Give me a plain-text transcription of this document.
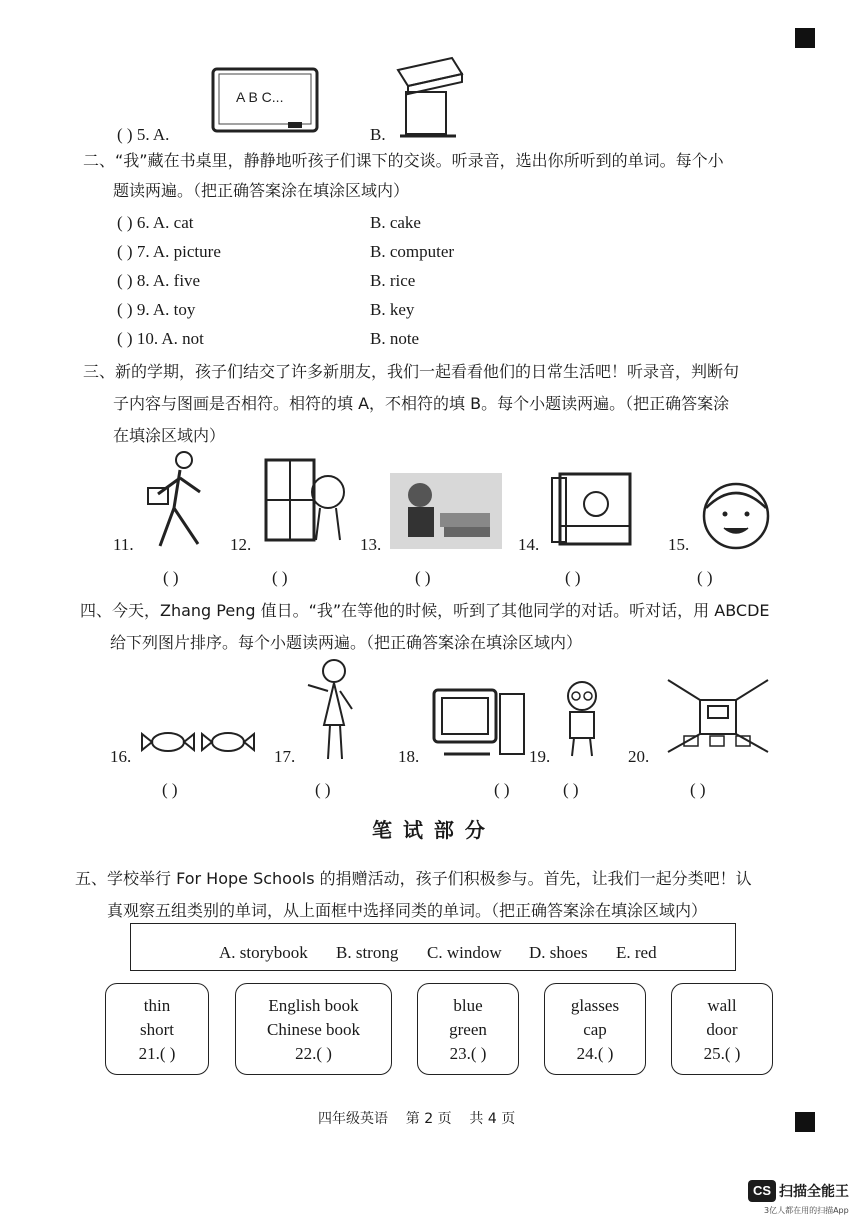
A B C...
( ) 5. A.	B.
二、“我”藏在书桌里，静静地听孩子们课下的交谈。听录音，选出你所听到的单词。每个小
题读两遍。（把正确答案涂在填涂区域内）
( ) 6. A. cat	B. cake
( ) 7. A. picture	B. computer
( ) 8. A. five	B. rice
( ) 9. A. toy	B. key
( ) 10. A. not	B. note
三、新的学期，孩子们结交了许多新朋友，我们一起看看他们的日常生活吧！听录音，判断句
子内容与图画是否相符。相符的填 A，不相符的填 B。每个小题读两遍。（把正确答案涂
在填涂区域内）
11.	12.	13.	14.	15.
( )	( )	( )	( )	( )
四、今天，Zhang Peng 值日。“我”在等他的时候，听到了其他同学的对话。听对话，用 ABCDE
给下列图片排序。每个小题读两遍。（把正确答案涂在填涂区域内）
16.	17.	18.	19.	20.
( )	( )	( )	( )	( )
笔 试 部 分
五、学校举行 For Hope Schools 的捐赠活动，孩子们积极参与。首先，让我们一起分类吧！认
真观察五组类别的单词，从上面框中选择同类的单词。（把正确答案涂在填涂区域内）
A. storybook B. strong C. window D. shoes E. red
thin
short
21.( )
English book
Chinese book
22.( )
blue
green
23.( )
glasses
cap
24.( )
wall
door
25.( )
四年级英语    第 2 页    共 4 页
CS 扫描全能王
3亿人都在用的扫描App
